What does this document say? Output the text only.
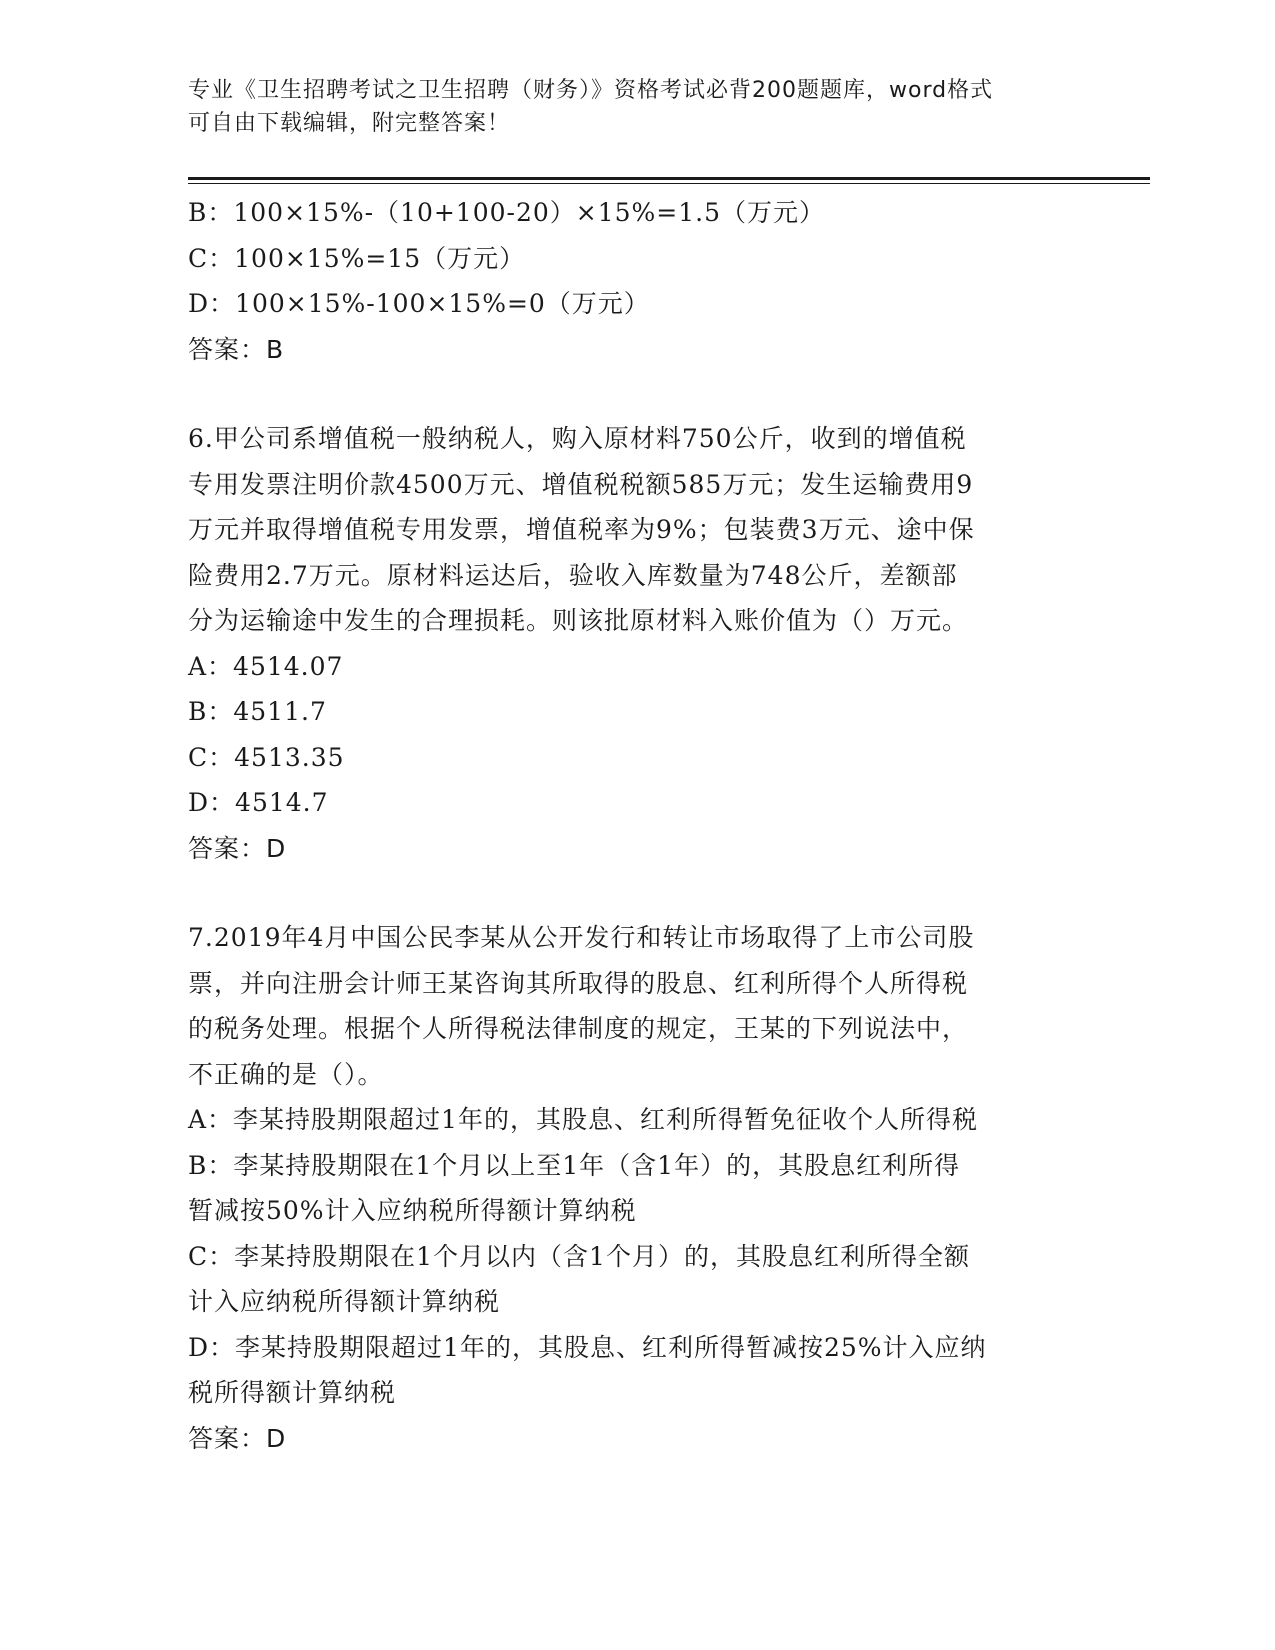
专业《卫生招聘考试之卫生招聘（财务）》资格考试必背200题题库，word格式
可自由下载编辑，附完整答案！
B：100×15%-（10+100-20）×15%=1.5（万元）
C：100×15%=15（万元）
D：100×15%-100×15%=0（万元）
答案：B
6.甲公司系增值税一般纳税人，购入原材料750公斤，收到的增值税
专用发票注明价款4500万元、增值税税额585万元；发生运输费用9
万元并取得增值税专用发票，增值税率为9%；包装费3万元、途中保
险费用2.7万元。原材料运达后，验收入库数量为748公斤，差额部
分为运输途中发生的合理损耗。则该批原材料入账价值为（）万元。
A：4514.07
B：4511.7
C：4513.35
D：4514.7
答案：D
7.2019年4月中国公民李某从公开发行和转让市场取得了上市公司股
票，并向注册会计师王某咨询其所取得的股息、红利所得个人所得税
的税务处理。根据个人所得税法律制度的规定，王某的下列说法中，
不正确的是（）。
A：李某持股期限超过1年的，其股息、红利所得暂免征收个人所得税
B：李某持股期限在1个月以上至1年（含1年）的，其股息红利所得
暂减按50%计入应纳税所得额计算纳税
C：李某持股期限在1个月以内（含1个月）的，其股息红利所得全额
计入应纳税所得额计算纳税
D：李某持股期限超过1年的，其股息、红利所得暂减按25%计入应纳
税所得额计算纳税
答案：D
